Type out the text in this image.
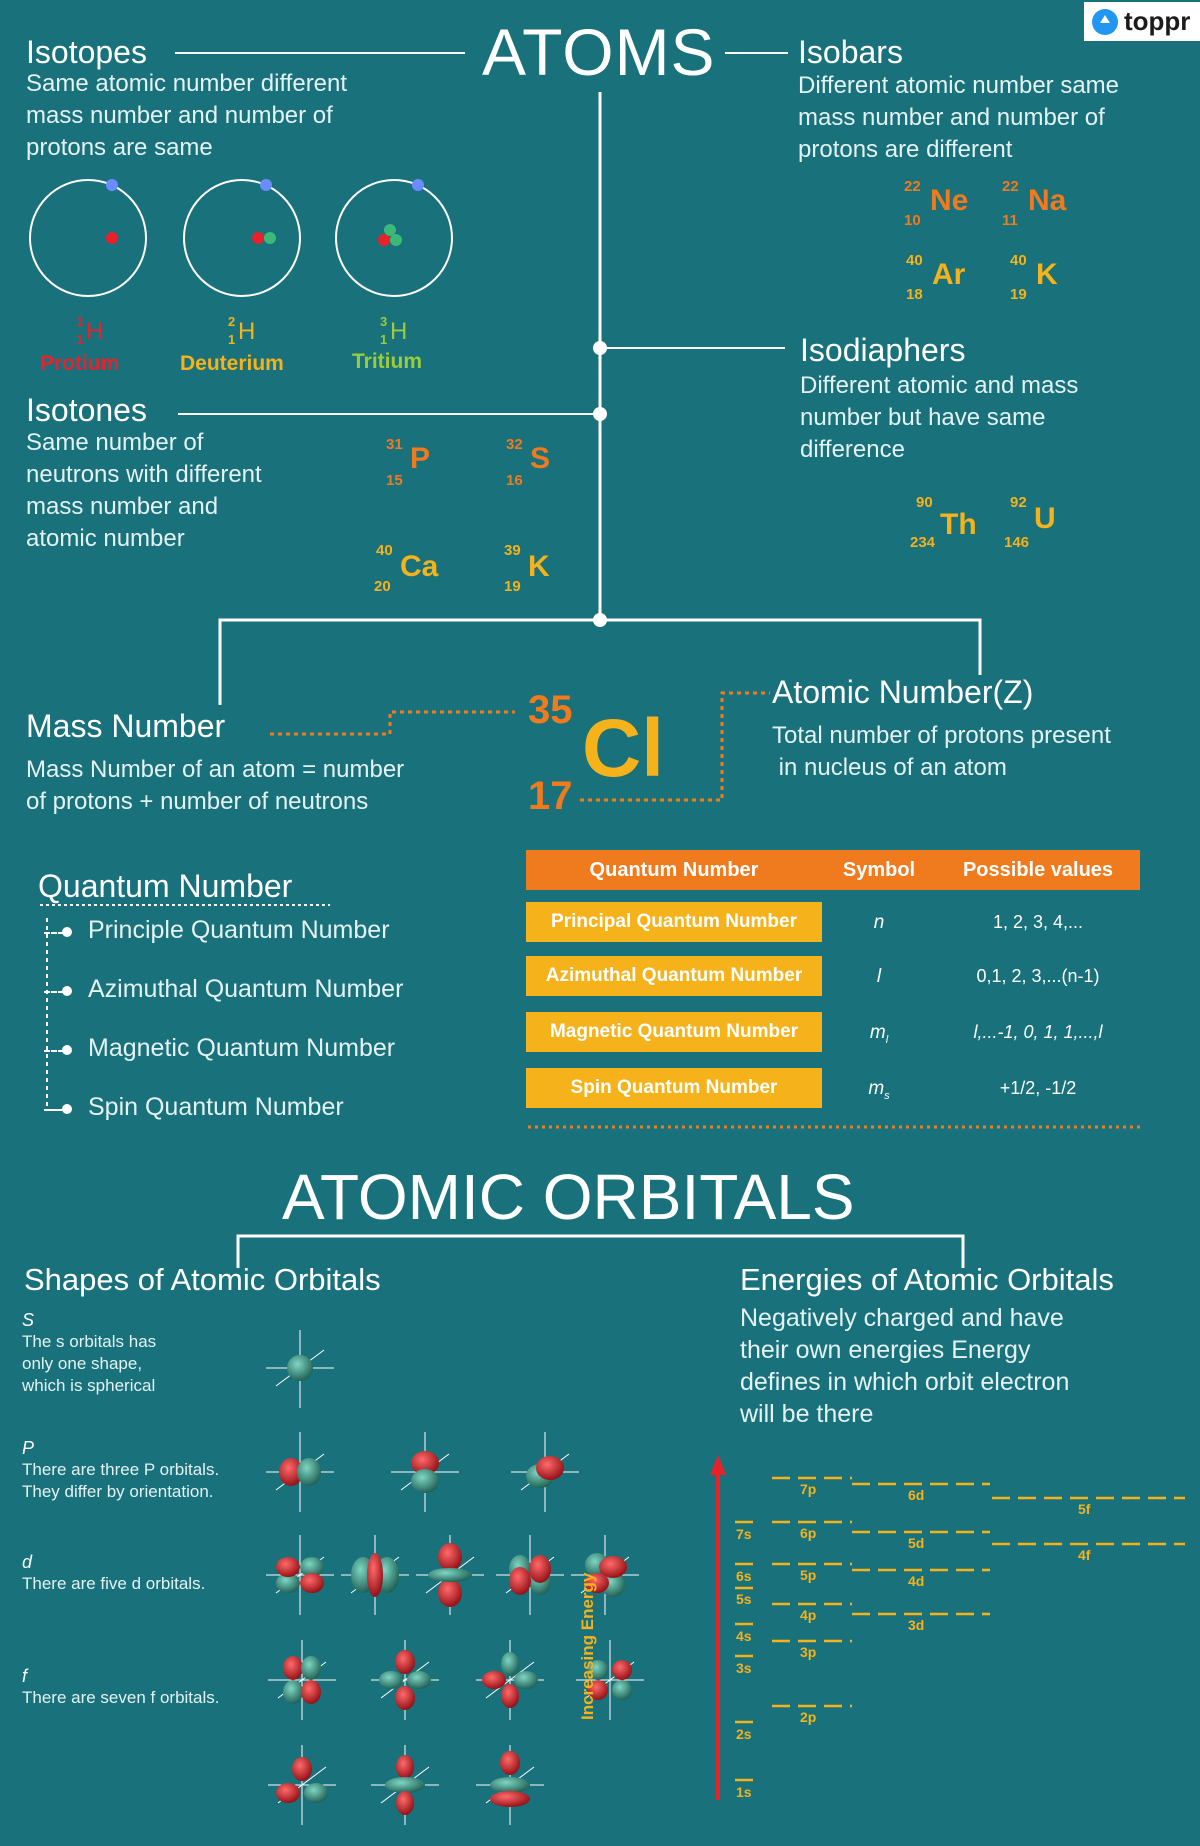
toppr
ATOMS
Isotopes
Same atomic number different
mass number and number of
protons are same
1
1 H
Protium
2
1 H
Deuterium
3
1 H
Tritium
Isobars
Different atomic number same
mass number and number of
protons are different
22
10
Ne 22
11
Na
40
18
Ar	40
19
K
Isodiaphers
Different atomic and mass
number but have same
difference
90
234
Th
92
146
U
Isotones
Same number of
neutrons with different
mass number and
atomic number
31
15
P	32
16
S
40
20
Ca	39
19
K
Mass Number
Mass Number of an atom = number
of protons + number of neutrons
Atomic Number(Z)
Total number of protons present
in nucleus of an atom
35 Cl
17
Quantum Number
Principle Quantum Number
Azimuthal Quantum Number
Magnetic Quantum Number
Spin Quantum Number
Quantum Number	Symbol	Possible values
Principal Quantum Number	n	1, 2, 3, 4,...
Azimuthal Quantum Number	l	0,1, 2, 3,...(n-1)
Magnetic Quantum Number	$m_l$	l,...-1, 0, 1, 1,...,l
Spin Quantum Number	$m_s$	+1/2, -1/2
ATOMIC ORBITALS
Shapes of Atomic Orbitals
S
The s orbitals has
only one shape,
which is spherical
P
There are three P orbitals.
They differ by orientation.
d
There are five d orbitals.
f
There are seven f orbitals.
Energies of Atomic Orbitals
Negatively charged and have
their own energies Energy
defines in which orbit electron
will be there
Increasing Energy
7s
6s
5s
4s
3s
2s
1s
7p
6p
5p
4p
3p
2p
6d
5d
4d
3d
5f
4f
